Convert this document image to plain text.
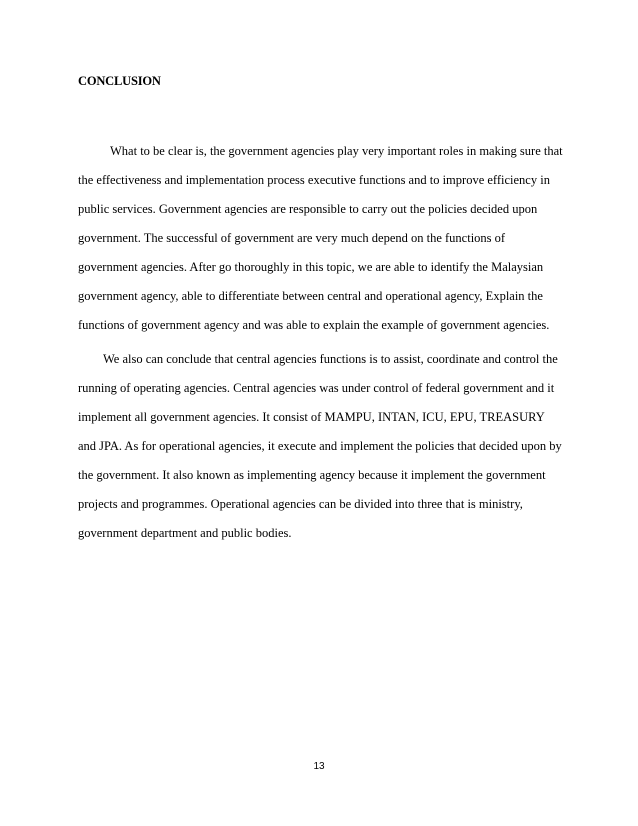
CONCLUSION

What to be clear is, the government agencies play very important roles in making sure that

the effectiveness and implementation process executive functions and to improve efficiency in

public services. Government agencies are responsible to carry out the policies decided upon

government. The successful of government are very much depend on the functions of

government agencies. After go thoroughly in this topic, we are able to identify the Malaysian

government agency, able to differentiate between central and operational agency, Explain the

functions of government agency and was able to explain the example of government agencies.

We also can conclude that central agencies functions is to assist, coordinate and control the

running of operating agencies. Central agencies was under control of federal government and it

implement all government agencies. It consist of MAMPU, INTAN, ICU, EPU, TREASURY

and JPA. As for operational agencies, it execute and implement the policies that decided upon by

the government. It also known as implementing agency because it implement the government

projects and programmes. Operational agencies can be divided into three that is ministry,

government department and public bodies.

13
